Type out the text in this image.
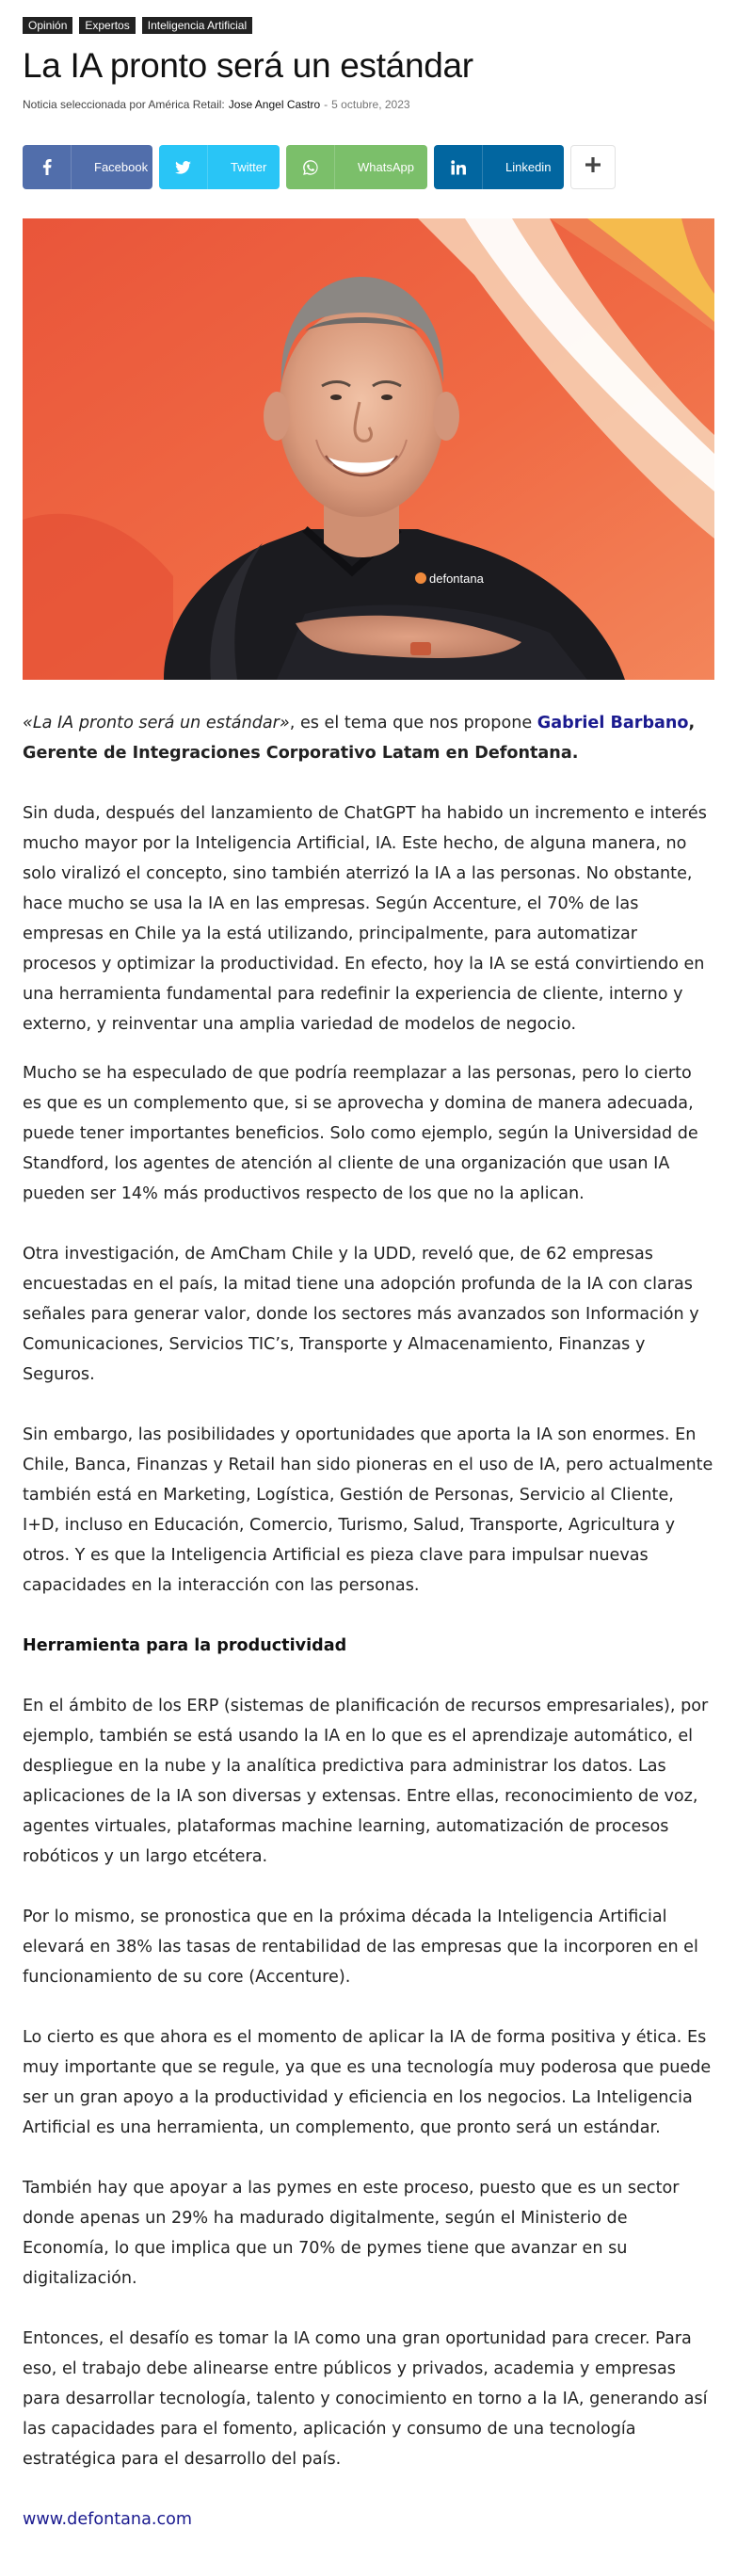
Opinión	Expertos	Inteligencia Artificial
La IA pronto será un estándar
Noticia seleccionada por América Retail: Jose Angel Castro - 5 octubre, 2023
Facebook	Twitter	WhatsApp	Linkedin
defontana

«La IA pronto será un estándar», es el tema que nos propone Gabriel Barbano, Gerente de Integraciones Corporativo Latam en Defontana.

Sin duda, después del lanzamiento de ChatGPT ha habido un incremento e interés mucho mayor por la Inteligencia Artificial, IA. Este hecho, de alguna manera, no solo viralizó el concepto, sino también aterrizó la IA a las personas. No obstante, hace mucho se usa la IA en las empresas. Según Accenture, el 70% de las empresas en Chile ya la está utilizando, principalmente, para automatizar procesos y optimizar la productividad. En efecto, hoy la IA se está convirtiendo en una herramienta fundamental para redefinir la experiencia de cliente, interno y externo, y reinventar una amplia variedad de modelos de negocio.

Mucho se ha especulado de que podría reemplazar a las personas, pero lo cierto es que es un complemento que, si se aprovecha y domina de manera adecuada, puede tener importantes beneficios. Solo como ejemplo, según la Universidad de Standford, los agentes de atención al cliente de una organización que usan IA pueden ser 14% más productivos respecto de los que no la aplican.

Otra investigación, de AmCham Chile y la UDD, reveló que, de 62 empresas encuestadas en el país, la mitad tiene una adopción profunda de la IA con claras señales para generar valor, donde los sectores más avanzados son Información y Comunicaciones, Servicios TIC’s, Transporte y Almacenamiento, Finanzas y Seguros.

Sin embargo, las posibilidades y oportunidades que aporta la IA son enormes. En Chile, Banca, Finanzas y Retail han sido pioneras en el uso de IA, pero actualmente también está en Marketing, Logística, Gestión de Personas, Servicio al Cliente, I+D, incluso en Educación, Comercio, Turismo, Salud, Transporte, Agricultura y otros. Y es que la Inteligencia Artificial es pieza clave para impulsar nuevas capacidades en la interacción con las personas.

Herramienta para la productividad

En el ámbito de los ERP (sistemas de planificación de recursos empresariales), por ejemplo, también se está usando la IA en lo que es el aprendizaje automático, el despliegue en la nube y la analítica predictiva para administrar los datos. Las aplicaciones de la IA son diversas y extensas. Entre ellas, reconocimiento de voz, agentes virtuales, plataformas machine learning, automatización de procesos robóticos y un largo etcétera.

Por lo mismo, se pronostica que en la próxima década la Inteligencia Artificial elevará en 38% las tasas de rentabilidad de las empresas que la incorporen en el funcionamiento de su core (Accenture).

Lo cierto es que ahora es el momento de aplicar la IA de forma positiva y ética. Es muy importante que se regule, ya que es una tecnología muy poderosa que puede ser un gran apoyo a la productividad y eficiencia en los negocios. La Inteligencia Artificial es una herramienta, un complemento, que pronto será un estándar.

También hay que apoyar a las pymes en este proceso, puesto que es un sector donde apenas un 29% ha madurado digitalmente, según el Ministerio de Economía, lo que implica que un 70% de pymes tiene que avanzar en su digitalización.

Entonces, el desafío es tomar la IA como una gran oportunidad para crecer. Para eso, el trabajo debe alinearse entre públicos y privados, academia y empresas para desarrollar tecnología, talento y conocimiento en torno a la IA, generando así las capacidades para el fomento, aplicación y consumo de una tecnología estratégica para el desarrollo del país.

www.defontana.com
